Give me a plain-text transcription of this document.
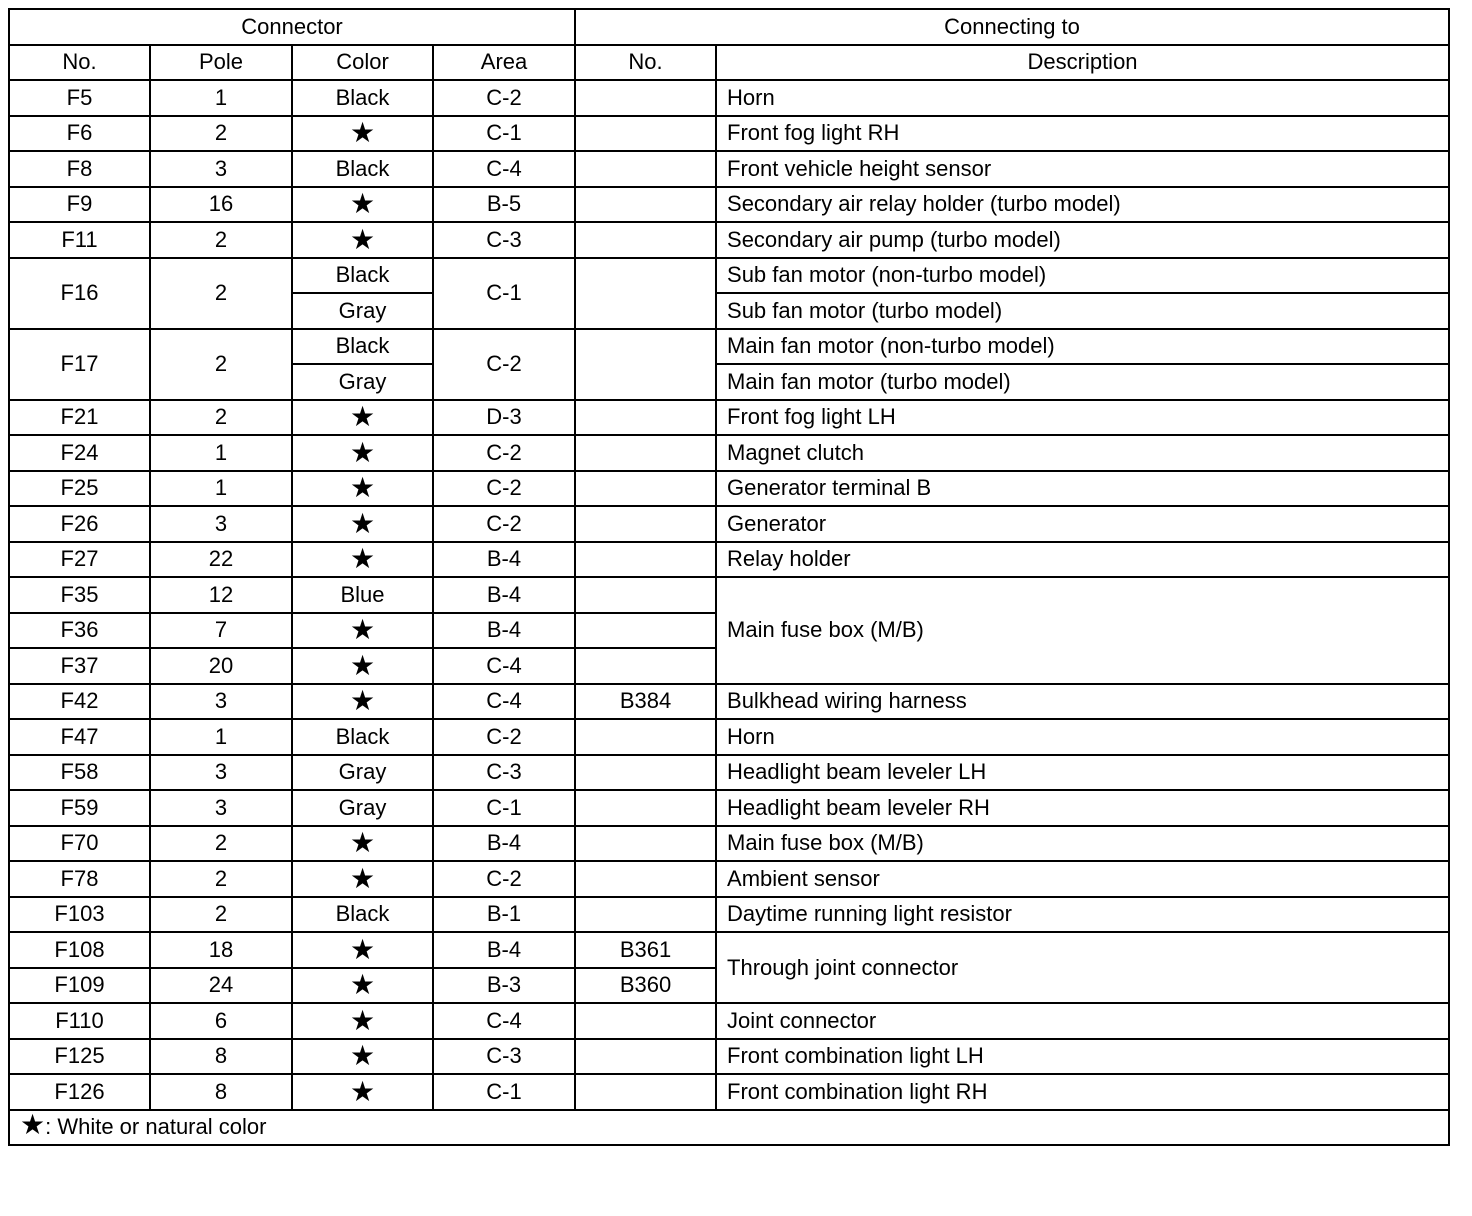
Connector				Connecting to	
No.	Pole	Color	Area	No.	Description
F5	1	Black	C-2		Horn
F6	2	★	C-1		Front fog light RH
F8	3	Black	C-4		Front vehicle height sensor
F9	16	★	B-5		Secondary air relay holder (turbo model)
F11	2	★	C-3		Secondary air pump (turbo model)
F16	2	Black	C-1		Sub fan motor (non-turbo model)
		Gray			Sub fan motor (turbo model)
F17	2	Black	C-2		Main fan motor (non-turbo model)
		Gray			Main fan motor (turbo model)
F21	2	★	D-3		Front fog light LH
F24	1	★	C-2		Magnet clutch
F25	1	★	C-2		Generator terminal B
F26	3	★	C-2		Generator
F27	22	★	B-4		Relay holder
F35	12	Blue	B-4		Main fuse box (M/B)
F36	7	★	B-4		
F37	20	★	C-4		
F42	3	★	C-4	B384	Bulkhead wiring harness
F47	1	Black	C-2		Horn
F58	3	Gray	C-3		Headlight beam leveler LH
F59	3	Gray	C-1		Headlight beam leveler RH
F70	2	★	B-4		Main fuse box (M/B)
F78	2	★	C-2		Ambient sensor
F103	2	Black	B-1		Daytime running light resistor
F108	18	★	B-4	B361	Through joint connector
F109	24	★	B-3	B360	
F110	6	★	C-4		Joint connector
F125	8	★	C-3		Front combination light LH
F126	8	★	C-1		Front combination light RH
★: White or natural color					
